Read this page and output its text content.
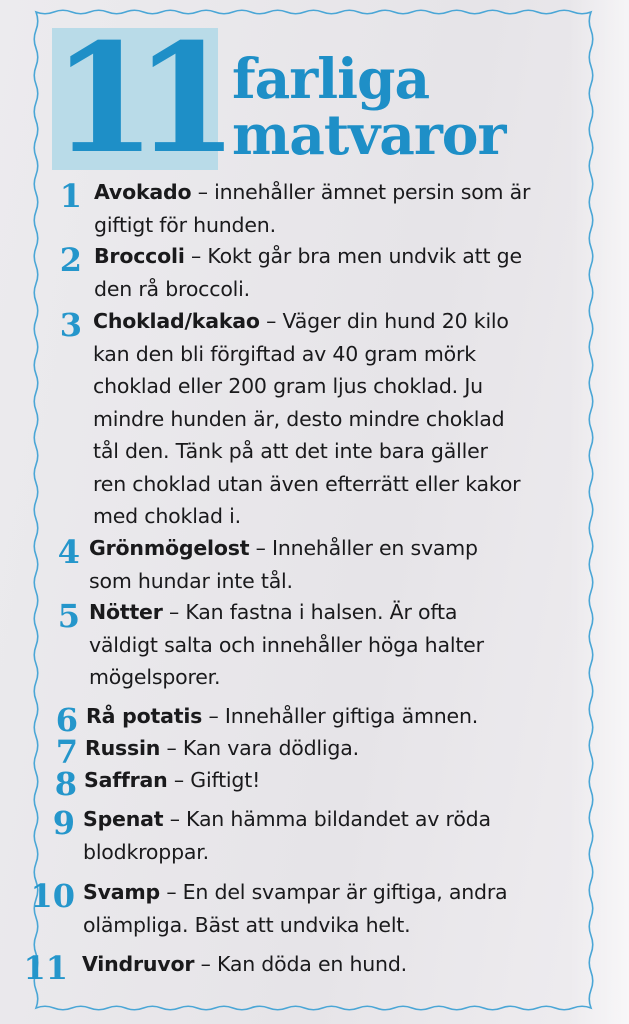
11 farliga
matvaror
1 Avokado – innehåller ämnet persin som är
giftigt för hunden.
2 Broccoli – Kokt går bra men undvik att ge
den rå broccoli.
3 Choklad/kakao – Väger din hund 20 kilo
kan den bli förgiftad av 40 gram mörk
choklad eller 200 gram ljus choklad. Ju
mindre hunden är, desto mindre choklad
tål den. Tänk på att det inte bara gäller
ren choklad utan även efterrätt eller kakor
med choklad i.
4 Grönmögelost – Innehåller en svamp
som hundar inte tål.
5 Nötter – Kan fastna i halsen. Är ofta
väldigt salta och innehåller höga halter
mögelsporer.
6 Rå potatis – Innehåller giftiga ämnen.
7 Russin – Kan vara dödliga.
8 Saffran – Giftigt!
9 Spenat – Kan hämma bildandet av röda
blodkroppar.
10 Svamp – En del svampar är giftiga, andra
olämpliga. Bäst att undvika helt.
11 Vindruvor – Kan döda en hund.
